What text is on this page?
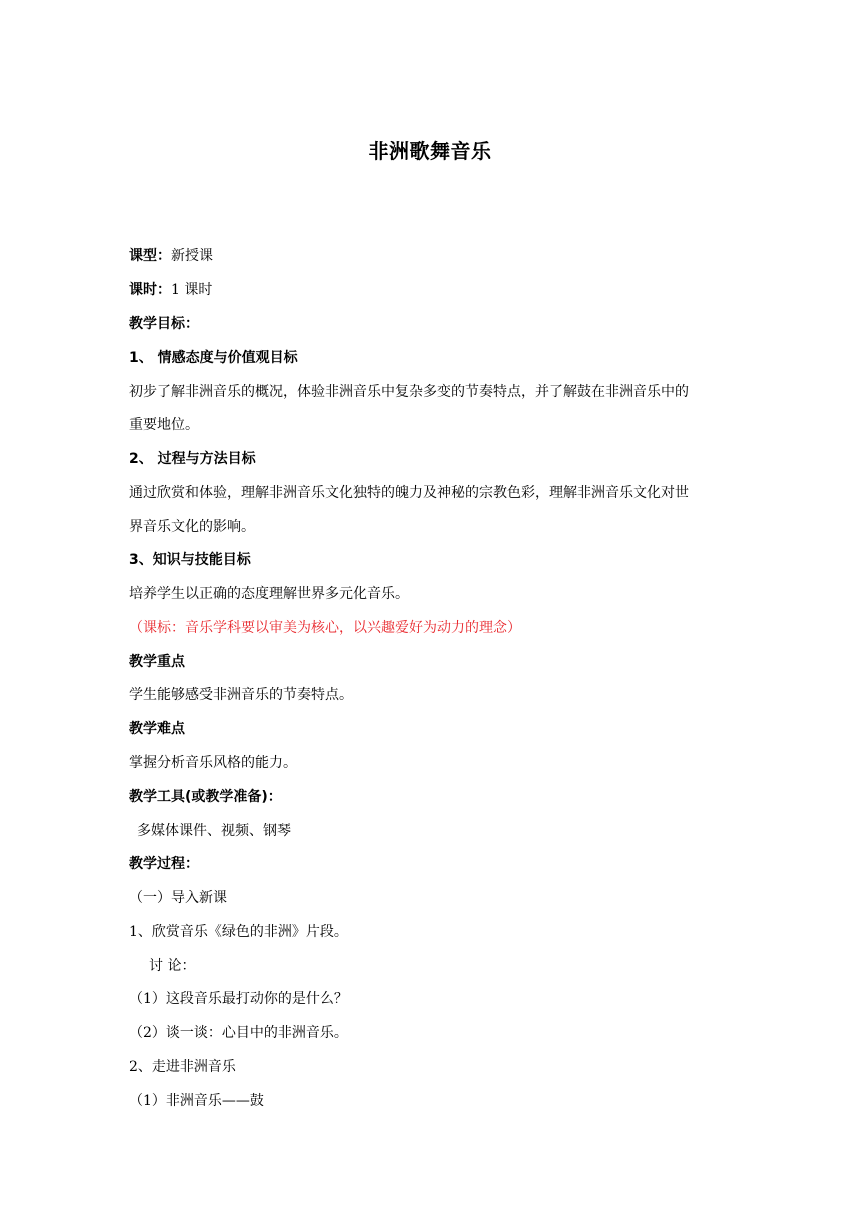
非洲歌舞音乐
课型：新授课
课时：1 课时
教学目标：
1、 情感态度与价值观目标
初步了解非洲音乐的概况，体验非洲音乐中复杂多变的节奏特点，并了解鼓在非洲音乐中的
重要地位。
2、 过程与方法目标
通过欣赏和体验，理解非洲音乐文化独特的魄力及神秘的宗教色彩，理解非洲音乐文化对世
界音乐文化的影响。
3、知识与技能目标
培养学生以正确的态度理解世界多元化音乐。
（课标：音乐学科要以审美为核心，以兴趣爱好为动力的理念）
教学重点
学生能够感受非洲音乐的节奏特点。
教学难点
掌握分析音乐风格的能力。
教学工具(或教学准备)：
多媒体课件、视频、钢琴
教学过程：
（一）导入新课
1、欣赏音乐《绿色的非洲》片段。
讨 论：
（1）这段音乐最打动你的是什么？
（2）谈一谈：心目中的非洲音乐。
2、走进非洲音乐
（1）非洲音乐——鼓
